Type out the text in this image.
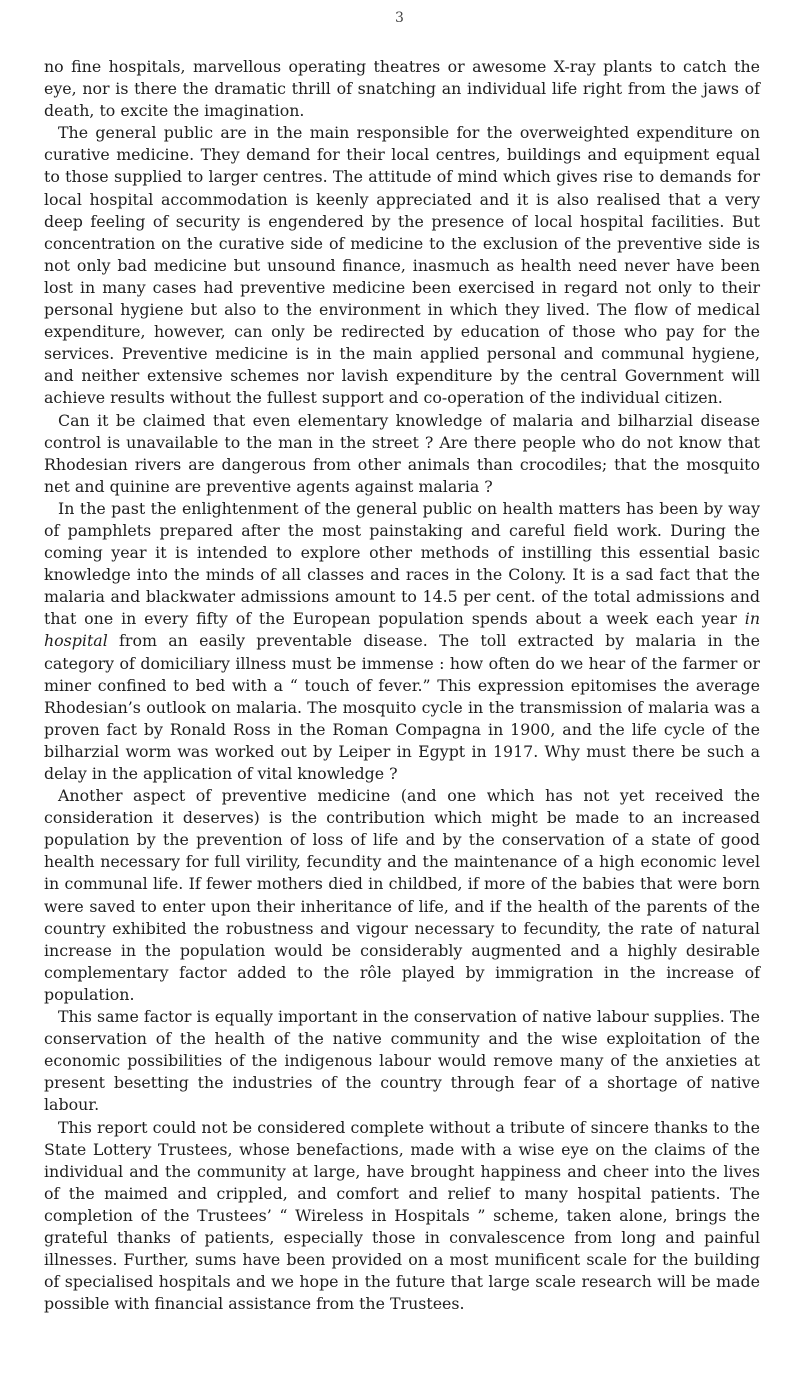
3

no fine hospitals, marvellous operating theatres or awesome X-ray plants to catch the eye, nor is there the dramatic thrill of snatching an individual life right from the jaws of death, to excite the imagination.

The general public are in the main responsible for the overweighted expenditure on curative medicine. They demand for their local centres, buildings and equipment equal to those supplied to larger centres. The attitude of mind which gives rise to demands for local hospital accommodation is keenly appreciated and it is also realised that a very deep feeling of security is engendered by the presence of local hospital facilities. But concentration on the curative side of medicine to the exclusion of the preventive side is not only bad medicine but unsound finance, inasmuch as health need never have been lost in many cases had preventive medicine been exercised in regard not only to their personal hygiene but also to the environment in which they lived. The flow of medical expenditure, however, can only be redirected by education of those who pay for the services. Preventive medicine is in the main applied personal and communal hygiene, and neither extensive schemes nor lavish expenditure by the central Government will achieve results without the fullest support and co-operation of the individual citizen.

Can it be claimed that even elementary knowledge of malaria and bilharzial disease control is unavailable to the man in the street ? Are there people who do not know that Rhodesian rivers are dangerous from other animals than crocodiles; that the mosquito net and quinine are preventive agents against malaria ?

In the past the enlightenment of the general public on health matters has been by way of pamphlets prepared after the most painstaking and careful field work. During the coming year it is intended to explore other methods of instilling this essential basic knowledge into the minds of all classes and races in the Colony. It is a sad fact that the malaria and blackwater admissions amount to 14.5 per cent. of the total admissions and that one in every fifty of the European population spends about a week each year in hospital from an easily preventable disease. The toll extracted by malaria in the category of domiciliary illness must be immense : how often do we hear of the farmer or miner confined to bed with a “ touch of fever.” This expression epitomises the average Rhodesian’s outlook on malaria. The mosquito cycle in the transmission of malaria was a proven fact by Ronald Ross in the Roman Compagna in 1900, and the life cycle of the bilharzial worm was worked out by Leiper in Egypt in 1917. Why must there be such a delay in the application of vital knowledge ?

Another aspect of preventive medicine (and one which has not yet received the consideration it deserves) is the contribution which might be made to an increased population by the prevention of loss of life and by the conservation of a state of good health necessary for full virility, fecundity and the maintenance of a high economic level in communal life. If fewer mothers died in childbed, if more of the babies that were born were saved to enter upon their inheritance of life, and if the health of the parents of the country exhibited the robustness and vigour necessary to fecundity, the rate of natural increase in the population would be considerably augmented and a highly desirable complementary factor added to the rôle played by immigration in the increase of population.

This same factor is equally important in the conservation of native labour supplies. The conservation of the health of the native community and the wise exploitation of the economic possibilities of the indigenous labour would remove many of the anxieties at present besetting the industries of the country through fear of a shortage of native labour.

This report could not be considered complete without a tribute of sincere thanks to the State Lottery Trustees, whose benefactions, made with a wise eye on the claims of the individual and the community at large, have brought happiness and cheer into the lives of the maimed and crippled, and comfort and relief to many hospital patients. The completion of the Trustees’ “ Wireless in Hospitals ” scheme, taken alone, brings the grateful thanks of patients, especially those in convalescence from long and painful illnesses. Further, sums have been provided on a most munificent scale for the building of specialised hospitals and we hope in the future that large scale research will be made possible with financial assistance from the Trustees.
